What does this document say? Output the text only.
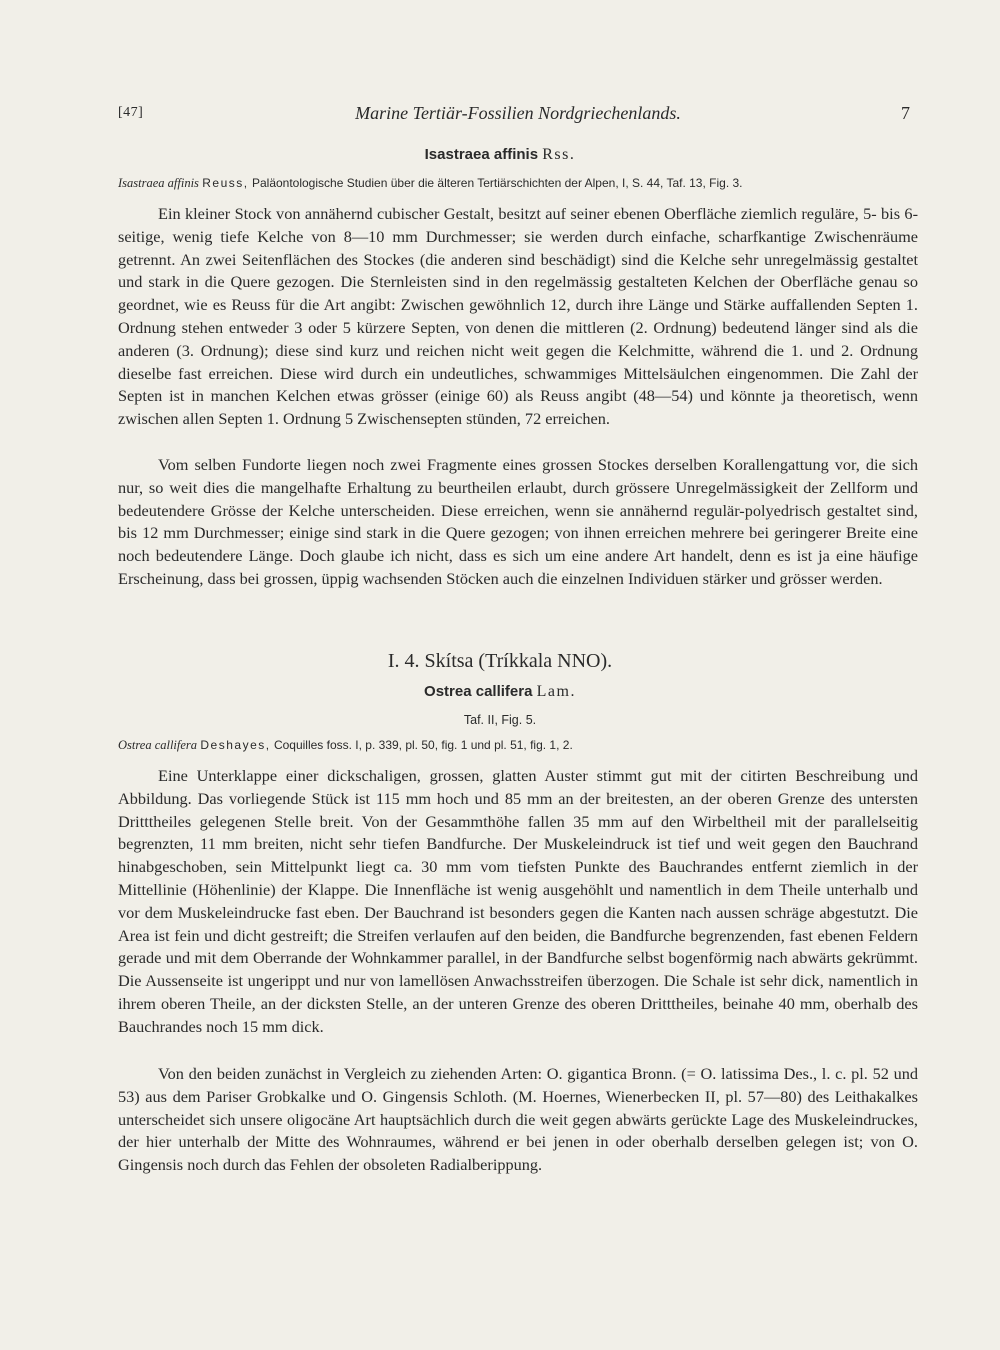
[47]	Marine Tertiär-Fossilien Nordgriechenlands.	7
Isastraea affinis Rss.
Isastraea affinis Reuss, Paläontologische Studien über die älteren Tertiärschichten der Alpen, I, S. 44, Taf. 13, Fig. 3.

Ein kleiner Stock von annähernd cubischer Gestalt, besitzt auf seiner ebenen Oberfläche ziemlich reguläre, 5- bis 6-seitige, wenig tiefe Kelche von 8—10 mm Durchmesser; sie werden durch einfache, scharfkantige Zwischenräume getrennt. An zwei Seitenflächen des Stockes (die anderen sind beschädigt) sind die Kelche sehr unregelmässig gestaltet und stark in die Quere gezogen. Die Sternleisten sind in den regelmässig gestalteten Kelchen der Oberfläche genau so geordnet, wie es Reuss für die Art angibt: Zwischen gewöhnlich 12, durch ihre Länge und Stärke auffallenden Septen 1. Ordnung stehen entweder 3 oder 5 kürzere Septen, von denen die mittleren (2. Ordnung) bedeutend länger sind als die anderen (3. Ordnung); diese sind kurz und reichen nicht weit gegen die Kelchmitte, während die 1. und 2. Ordnung dieselbe fast erreichen. Diese wird durch ein undeutliches, schwammiges Mittelsäulchen eingenommen. Die Zahl der Septen ist in manchen Kelchen etwas grösser (einige 60) als Reuss angibt (48—54) und könnte ja theoretisch, wenn zwischen allen Septen 1. Ordnung 5 Zwischensepten stünden, 72 erreichen.

Vom selben Fundorte liegen noch zwei Fragmente eines grossen Stockes derselben Korallengattung vor, die sich nur, so weit dies die mangelhafte Erhaltung zu beurtheilen erlaubt, durch grössere Unregelmässigkeit der Zellform und bedeutendere Grösse der Kelche unterscheiden. Diese erreichen, wenn sie annähernd regulär-polyedrisch gestaltet sind, bis 12 mm Durchmesser; einige sind stark in die Quere gezogen; von ihnen erreichen mehrere bei geringerer Breite eine noch bedeutendere Länge. Doch glaube ich nicht, dass es sich um eine andere Art handelt, denn es ist ja eine häufige Erscheinung, dass bei grossen, üppig wachsenden Stöcken auch die einzelnen Individuen stärker und grösser werden.

I. 4. Skítsa (Tríkkala NNO).
Ostrea callifera Lam.
Taf. II, Fig. 5.
Ostrea callifera Deshayes, Coquilles foss. I, p. 339, pl. 50, fig. 1 und pl. 51, fig. 1, 2.

Eine Unterklappe einer dickschaligen, grossen, glatten Auster stimmt gut mit der citirten Beschreibung und Abbildung. Das vorliegende Stück ist 115 mm hoch und 85 mm an der breitesten, an der oberen Grenze des untersten Dritttheiles gelegenen Stelle breit. Von der Gesammthöhe fallen 35 mm auf den Wirbeltheil mit der parallelseitig begrenzten, 11 mm breiten, nicht sehr tiefen Bandfurche. Der Muskeleindruck ist tief und weit gegen den Bauchrand hinabgeschoben, sein Mittelpunkt liegt ca. 30 mm vom tiefsten Punkte des Bauchrandes entfernt ziemlich in der Mittellinie (Höhenlinie) der Klappe. Die Innenfläche ist wenig ausgehöhlt und namentlich in dem Theile unterhalb und vor dem Muskeleindrucke fast eben. Der Bauchrand ist besonders gegen die Kanten nach aussen schräge abgestutzt. Die Area ist fein und dicht gestreift; die Streifen verlaufen auf den beiden, die Bandfurche begrenzenden, fast ebenen Feldern gerade und mit dem Oberrande der Wohnkammer parallel, in der Bandfurche selbst bogenförmig nach abwärts gekrümmt. Die Aussenseite ist ungerippt und nur von lamellösen Anwachsstreifen überzogen. Die Schale ist sehr dick, namentlich in ihrem oberen Theile, an der dicksten Stelle, an der unteren Grenze des oberen Dritttheiles, beinahe 40 mm, oberhalb des Bauchrandes noch 15 mm dick.

Von den beiden zunächst in Vergleich zu ziehenden Arten: O. gigantica Bronn. (= O. latissima Des., l. c. pl. 52 und 53) aus dem Pariser Grobkalke und O. Gingensis Schloth. (M. Hoernes, Wienerbecken II, pl. 57—80) des Leithakalkes unterscheidet sich unsere oligocäne Art hauptsächlich durch die weit gegen abwärts gerückte Lage des Muskeleindruckes, der hier unterhalb der Mitte des Wohnraumes, während er bei jenen in oder oberhalb derselben gelegen ist; von O. Gingensis noch durch das Fehlen der obsoleten Radialberippung.
